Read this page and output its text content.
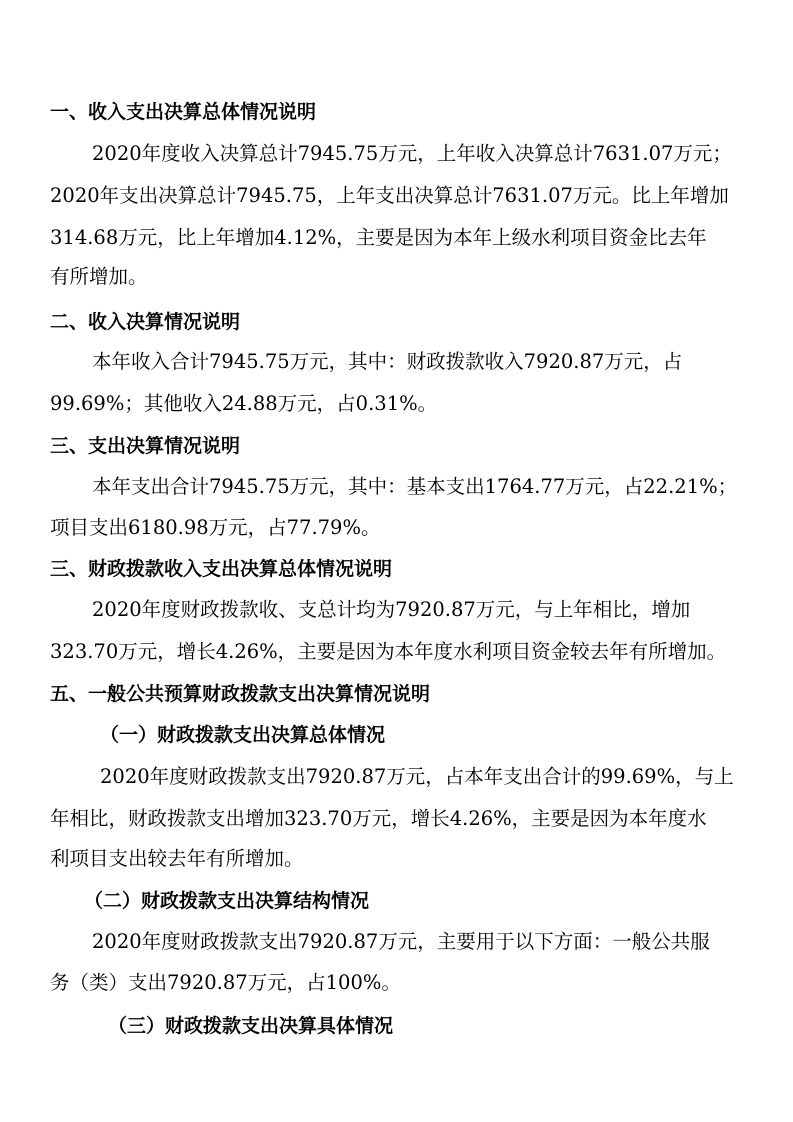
一、收入支出决算总体情况说明
2020年度收入决算总计7945.75万元，上年收入决算总计7631.07万元；
2020年支出决算总计7945.75，上年支出决算总计7631.07万元。比上年增加
314.68万元，比上年增加4.12%，主要是因为本年上级水利项目资金比去年
有所增加。
二、收入决算情况说明
本年收入合计7945.75万元，其中：财政拨款收入7920.87万元，占
99.69%；其他收入24.88万元，占0.31%。
三、支出决算情况说明
本年支出合计7945.75万元，其中：基本支出1764.77万元，占22.21%；
项目支出6180.98万元，占77.79%。
三、财政拨款收入支出决算总体情况说明
2020年度财政拨款收、支总计均为7920.87万元，与上年相比，增加
323.70万元，增长4.26%，主要是因为本年度水利项目资金较去年有所增加。
五、一般公共预算财政拨款支出决算情况说明
（一）财政拨款支出决算总体情况
2020年度财政拨款支出7920.87万元，占本年支出合计的99.69%，与上
年相比，财政拨款支出增加323.70万元，增长4.26%，主要是因为本年度水
利项目支出较去年有所增加。
（二）财政拨款支出决算结构情况
2020年度财政拨款支出7920.87万元，主要用于以下方面：一般公共服
务（类）支出7920.87万元，占100%。
（三）财政拨款支出决算具体情况
